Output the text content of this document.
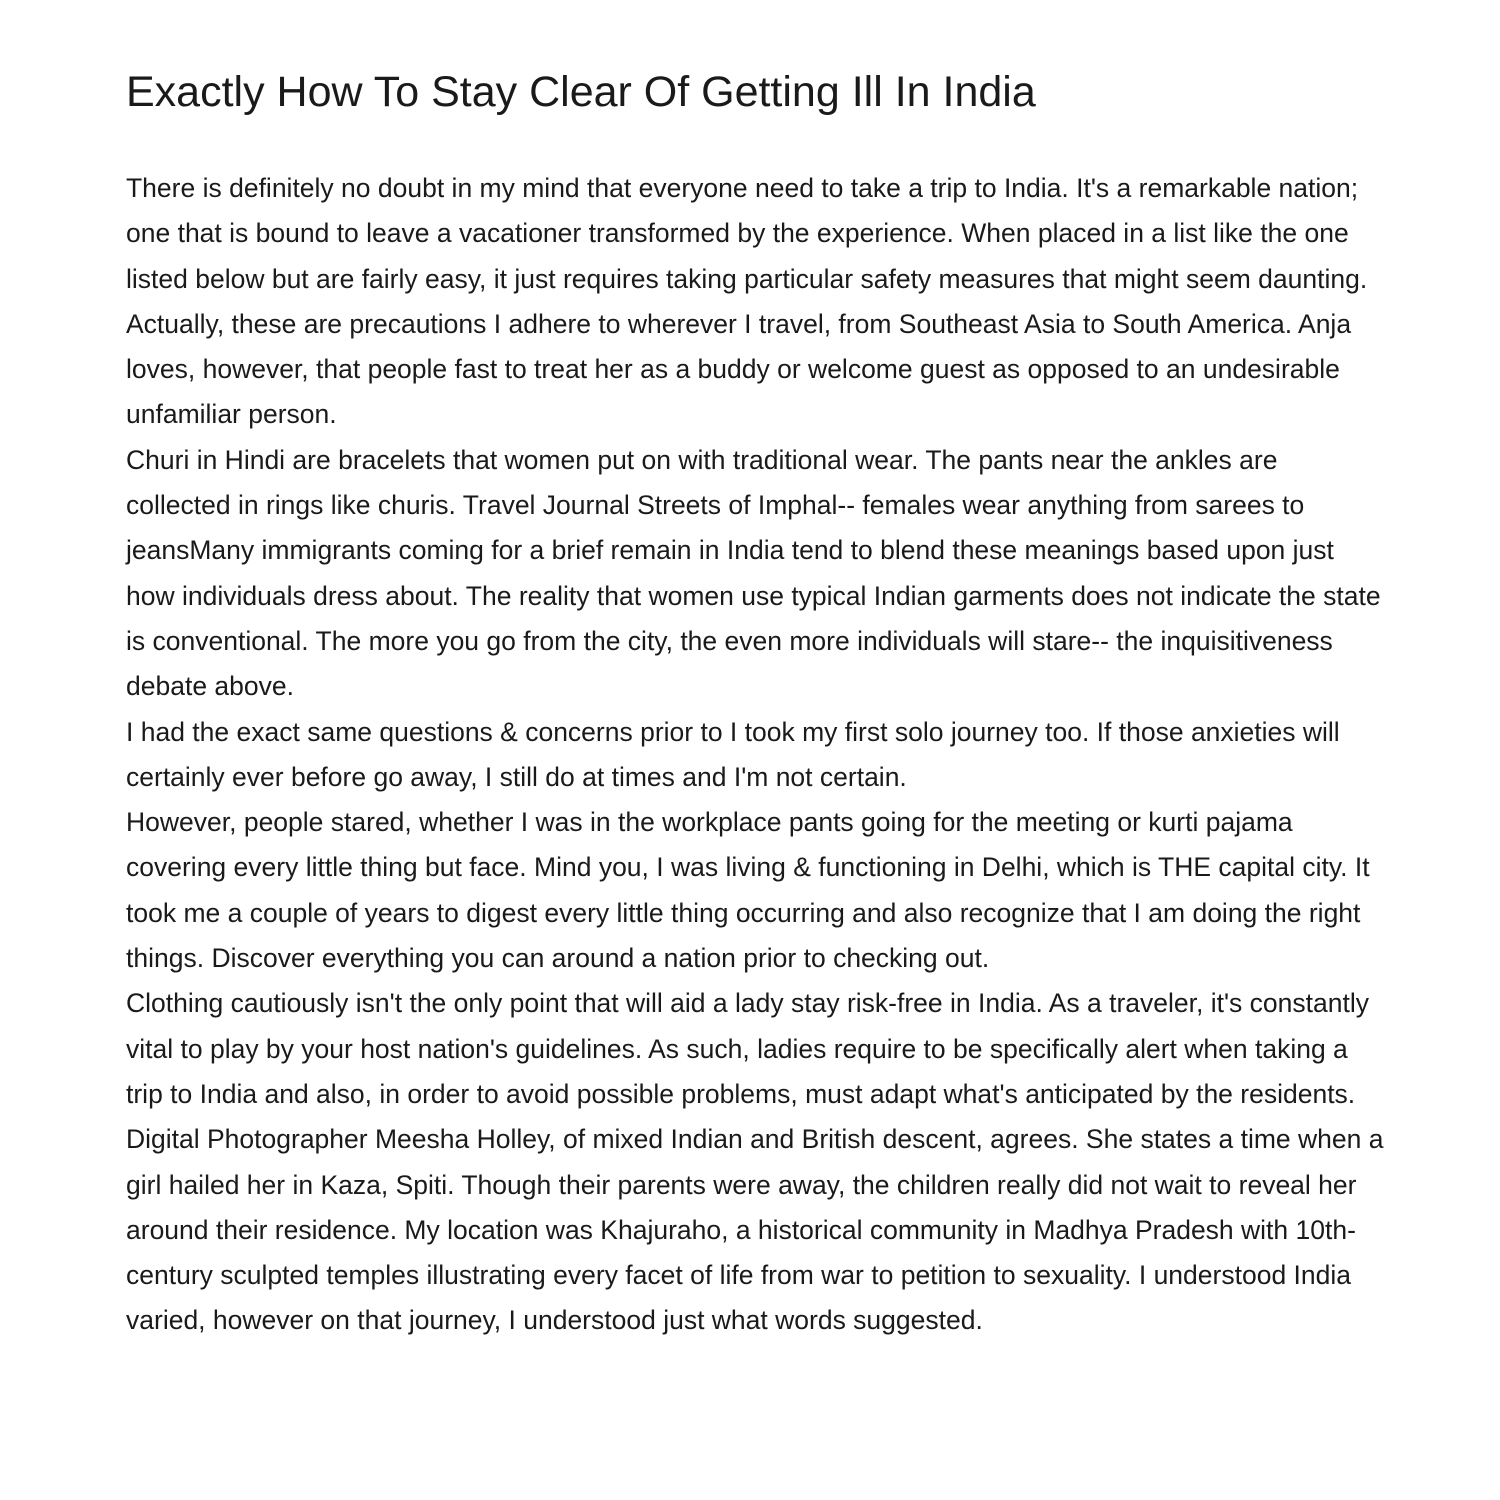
Exactly How To Stay Clear Of Getting Ill In India

There is definitely no doubt in my mind that everyone need to take a trip to India. It's a remarkable nation; one that is bound to leave a vacationer transformed by the experience. When placed in a list like the one listed below but are fairly easy, it just requires taking particular safety measures that might seem daunting. Actually, these are precautions I adhere to wherever I travel, from Southeast Asia to South America. Anja loves, however, that people fast to treat her as a buddy or welcome guest as opposed to an undesirable unfamiliar person.

Churi in Hindi are bracelets that women put on with traditional wear. The pants near the ankles are collected in rings like churis. Travel Journal Streets of Imphal-- females wear anything from sarees to jeansMany immigrants coming for a brief remain in India tend to blend these meanings based upon just how individuals dress about. The reality that women use typical Indian garments does not indicate the state is conventional. The more you go from the city, the even more individuals will stare-- the inquisitiveness debate above.

I had the exact same questions & concerns prior to I took my first solo journey too. If those anxieties will certainly ever before go away, I still do at times and I'm not certain.

However, people stared, whether I was in the workplace pants going for the meeting or kurti pajama covering every little thing but face. Mind you, I was living & functioning in Delhi, which is THE capital city. It took me a couple of years to digest every little thing occurring and also recognize that I am doing the right things. Discover everything you can around a nation prior to checking out.

Clothing cautiously isn't the only point that will aid a lady stay risk-free in India. As a traveler, it's constantly vital to play by your host nation's guidelines. As such, ladies require to be specifically alert when taking a trip to India and also, in order to avoid possible problems, must adapt what's anticipated by the residents.

Digital Photographer Meesha Holley, of mixed Indian and British descent, agrees. She states a time when a girl hailed her in Kaza, Spiti. Though their parents were away, the children really did not wait to reveal her around their residence. My location was Khajuraho, a historical community in Madhya Pradesh with 10th-century sculpted temples illustrating every facet of life from war to petition to sexuality. I understood India varied, however on that journey, I understood just what words suggested.
